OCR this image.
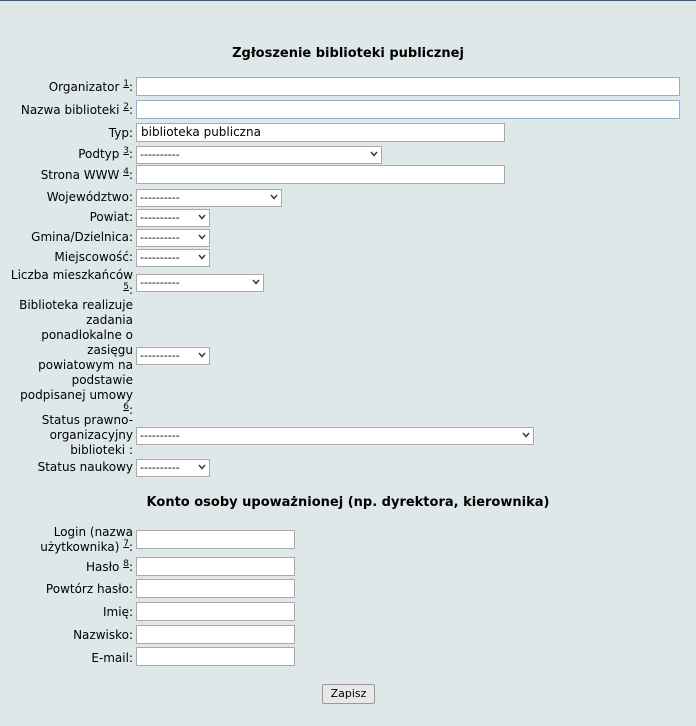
Zgłoszenie biblioteki publicznej
Organizator $^1$:
Nazwa biblioteki $^2$:
Typ: biblioteka publiczna
Podtyp $^3$: ----------
Strona WWW $^4$:
Województwo: ----------
Powiat: ----------
Gmina/Dzielnica: ----------
Miejscowość: ----------
Liczba mieszkańców
$^5$:
----------
Biblioteka realizuje zadania ponadlokalne o zasięgu powiatowym na podstawie podpisanej umowy
$^6$:
----------
Status prawno-organizacyjny biblioteki :
----------
Status naukowy ----------
Konto osoby upoważnionej (np. dyrektora, kierownika)
Login (nazwa użytkownika) $^7$:
Hasło $^8$:
Powtórz hasło:
Imię:
Nazwisko:
E-mail:
Zapisz
